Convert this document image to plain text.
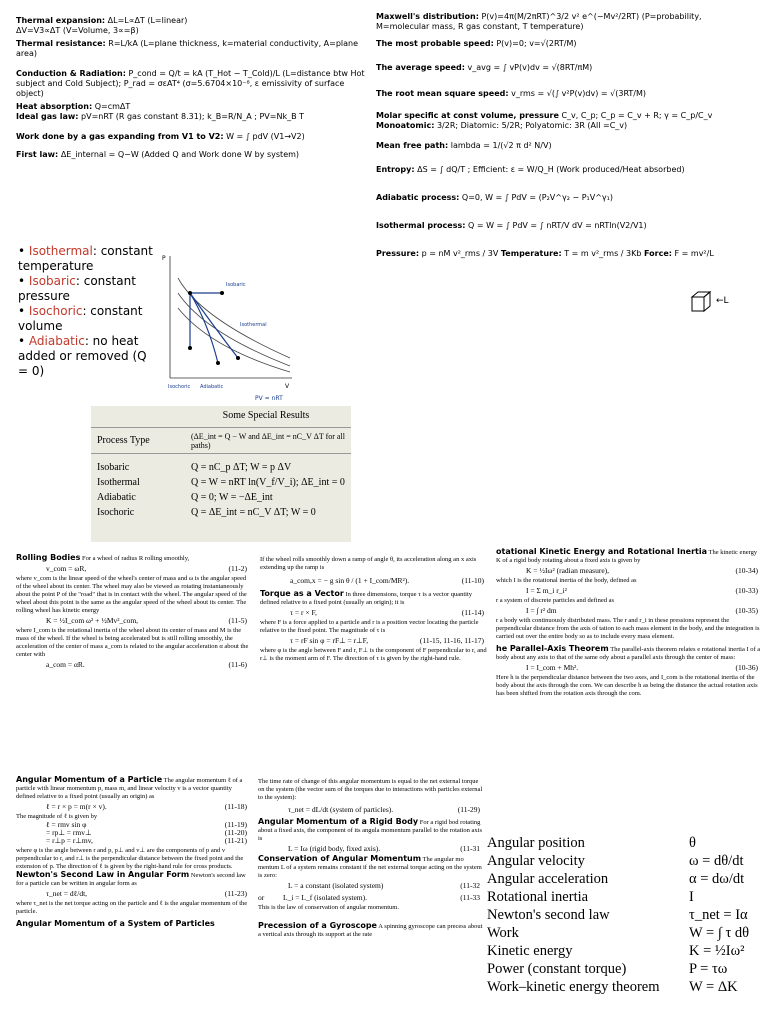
Thermal expansion: ΔL=L∝ΔT (L=linear)
ΔV=V3∝ΔT (V=Volume, 3∝=β)

Thermal resistance: R=L/kA (L=plane thickness, k=material conductivity, A=plane area)

Conduction & Radiation: P_cond = Q/t = kA (T_Hot − T_Cold)/L (L=distance btw Hot subject and Cold Subject); P_rad = σεAT⁴ (σ=5.6704×10⁻⁸, ε emissivity of surface object)

Heat absorption: Q=cmΔT
Ideal gas law: pV=nRT (R gas constant 8.31); k_B=R/N_A ; PV=Nk_B T

Work done by a gas expanding from V1 to V2: W = ∫ pdV (V1→V2)

First law: ΔE_internal = Q−W (Added Q and Work done W by system)

Maxwell's distribution: P(v)=4π(M/2πRT)^3/2 v² e^(−Mv²/2RT) (P=probability,
M=molecular mass, R gas constant, T temperature)

The most probable speed: P(v)=0; v=√(2RT/M)

The average speed: v_avg = ∫ vP(v)dv = √(8RT/πM)

The root mean square speed: v_rms = √(∫ v²P(v)dv) = √(3RT/M)

Molar specific at const volume, pressure C_v, C_p; C_p = C_v + R; γ = C_p/C_v
Monoatomic: 3/2R; Diatomic: 5/2R; Polyatomic: 3R (All =C_v)

Mean free path: lambda = 1/(√2 π d² N/V)

Entropy: ΔS = ∫ dQ/T ; Efficient: ε = W/Q_H (Work produced/Heat absorbed)

Adiabatic process: Q=0, W = ∫ PdV = (P₂V^γ₂ − P₁V^γ₁)

Isothermal process: Q = W = ∫ PdV = ∫ nRT/V dV = nRTln(V2/V1)

Pressure: p = nM v²_rms / 3V Temperature: T = m v²_rms / 3Kb Force: F = mv²/L

←L
• Isothermal: constant temperature
• Isobaric: constant pressure
• Isochoric: constant volume
• Adiabatic: no heat added or removed (Q = 0)
P
V
Isobaric
Isothermal
Isochoric Adiabatic
PV = nRT
Some Special Results
Process Type	(ΔE_int = Q − W and ΔE_int = nC_V ΔT for all paths)
Isobaric	Q = nC_p ΔT; W = p ΔV
Isothermal	Q = W = nRT ln(V_f/V_i); ΔE_int = 0
Adiabatic	Q = 0; W = −ΔE_int
Isochoric	Q = ΔE_int = nC_V ΔT; W = 0
Rolling Bodies For a wheel of radius R rolling smoothly,
v_com = ωR,	(11-2)
where v_com is the linear speed of the wheel's center of mass and ω is the angular speed of the wheel about its center. The wheel may also be viewed as rotating instantaneously about the point P of the "road" that is in contact with the wheel. The angular speed of the wheel about this point is the same as the angular speed of the wheel about its center. The rolling wheel has kinetic energy
K = ½I_com ω² + ½Mv²_com,	(11-5)
where I_com is the rotational inertia of the wheel about its center of mass and M is the mass of the wheel. If the wheel is being accelerated but is still rolling smoothly, the acceleration of the center of mass a_com is related to the angular acceleration α about the center with
a_com = αR.	(11-6)
If the wheel rolls smoothly down a ramp of angle θ, its acceleration along an x axis extending up the ramp is
a_com,x = − g sin θ / (1 + I_com/MR²).	(11-10)
Torque as a Vector In three dimensions, torque τ is a vector quantity defined relative to a fixed point (usually an origin); it is
τ = r × F,	(11-14)
where F is a force applied to a particle and r is a position vector locating the particle relative to the fixed point. The magnitude of τ is
τ = rF sin φ = rF⊥ = r⊥F,	(11-15, 11-16, 11-17)
where φ is the angle between F and r, F⊥ is the component of F perpendicular to r, and r⊥ is the moment arm of F. The direction of τ is given by the right-hand rule.
otational Kinetic Energy and Rotational Inertia The kinetic energy K of a rigid body rotating about a fixed axis is given by
K = ½Iω² (radian measure),	(10-34)
which I is the rotational inertia of the body, defined as
I = Σ m_i r_i²	(10-33)
r a system of discrete particles and defined as
I = ∫ r² dm	(10-35)
r a body with continuously distributed mass. The r and r_i in these pressions represent the perpendicular distance from the axis of tation to each mass element in the body, and the integration is carried out over the entire body so as to include every mass element.
he Parallel-Axis Theorem The parallel-axis theorem relates e rotational inertia I of a body about any axis to that of the same ody about a parallel axis through the center of mass:
I = I_com + Mh².	(10-36)
Here h is the perpendicular distance between the two axes, and I_com is the rotational inertia of the body about the axis through the com. We can describe h as being the distance the actual rotation axis has been shifted from the rotation axis through the com.
Angular Momentum of a Particle The angular momentum ℓ of a particle with linear momentum p, mass m, and linear velocity v is a vector quantity defined relative to a fixed point (usually an origin) as
ℓ = r × p = m(r × v).	(11-18)
The magnitude of ℓ is given by
ℓ = rmv sin φ	(11-19)
= rp⊥ = rmv⊥	(11-20)
= r⊥p = r⊥mv,	(11-21)
where φ is the angle between r and p, p⊥ and v⊥ are the components of p and v perpendicular to r, and r⊥ is the perpendicular distance between the fixed point and the extension of p. The direction of ℓ is given by the right-hand rule for cross products.
Newton's Second Law in Angular Form Newton's second law for a particle can be written in angular form as
τ_net = dℓ/dt,	(11-23)
where τ_net is the net torque acting on the particle and ℓ is the angular momentum of the particle.
Angular Momentum of a System of Particles
The time rate of change of this angular momentum is equal to the net external torque on the system (the vector sum of the torques due to interactions with particles external to the system):
τ_net = dL/dt (system of particles).	(11-29)
Angular Momentum of a Rigid Body For a rigid bod rotating about a fixed axis, the component of its angula momentum parallel to the rotation axis is
L = Iω (rigid body, fixed axis).	(11-31
Conservation of Angular Momentum The angular mo mentum L of a system remains constant if the net external torque acting on the system is zero:
L = a constant (isolated system)	(11-32
or	L_i = L_f (isolated system).	(11-33
This is the law of conservation of angular momentum.
Precession of a Gyroscope A spinning gyroscope can precess about a vertical axis through its support at the rate
Angular position	θ
Angular velocity	ω = dθ/dt
Angular acceleration	α = dω/dt
Rotational inertia	I
Newton's second law	τ_net = Iα
Work	W = ∫ τ dθ
Kinetic energy	K = ½Iω²
Power (constant torque)	P = τω
Work–kinetic energy theorem	W = ΔK
